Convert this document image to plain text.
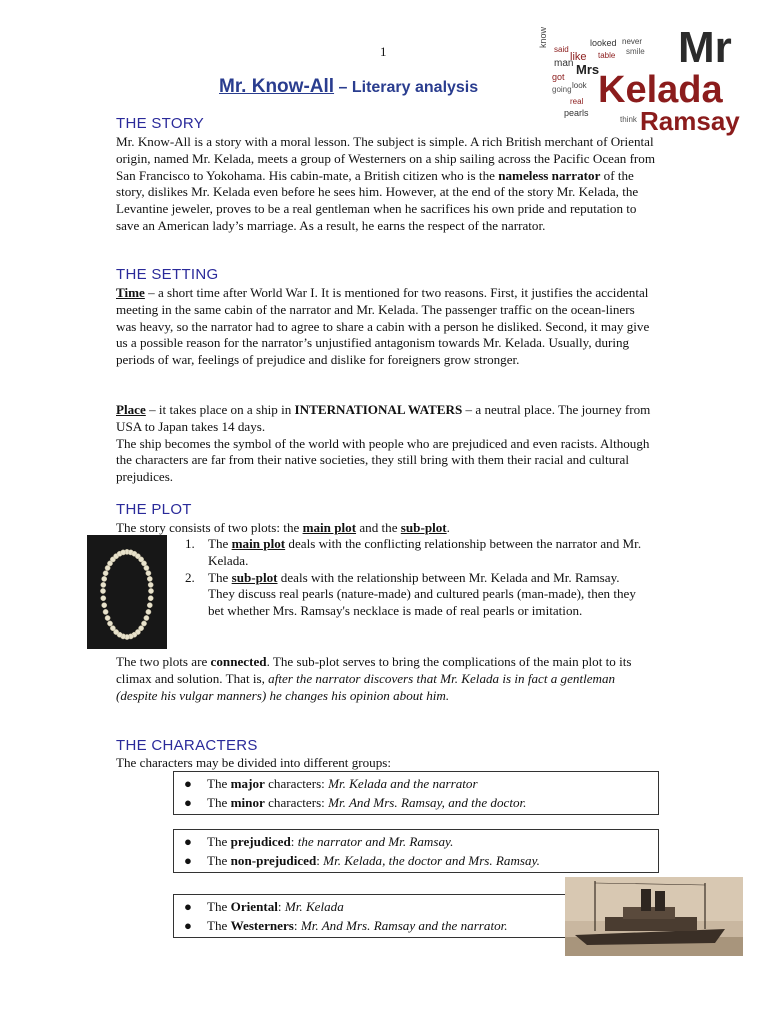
1
know
said
man
got
going
like
Mrs
look
looked
table
never
smile Mr
Kelada
Ramsay
real
pearls
think
Mr. Know-All – Literary analysis
THE STORY

Mr. Know-All is a story with a moral lesson. The subject is simple. A rich British merchant of Oriental origin, named Mr. Kelada, meets a group of Westerners on a ship sailing across the Pacific Ocean from San Francisco to Yokohama. His cabin-mate, a British citizen who is the nameless narrator of the story, dislikes Mr. Kelada even before he sees him. However, at the end of the story Mr. Kelada, the Levantine jeweler, proves to be a real gentleman when he sacrifices his own pride and reputation to save an American lady’s marriage. As a result, he earns the respect of the narrator.

THE SETTING

Time – a short time after World War I. It is mentioned for two reasons. First, it justifies the accidental meeting in the same cabin of the narrator and Mr. Kelada. The passenger traffic on the ocean-liners was heavy, so the narrator had to agree to share a cabin with a person he disliked. Second, it may give us a possible reason for the narrator’s unjustified antagonism towards Mr. Kelada. Usually, during periods of war, feelings of prejudice and dislike for foreigners grow stronger.

Place – it takes place on a ship in INTERNATIONAL WATERS – a neutral place. The journey from USA to Japan takes 14 days.
The ship becomes the symbol of the world with people who are prejudiced and even racists. Although the characters are far from their native societies, they still bring with them their racial and cultural prejudices.

THE PLOT

The story consists of two plots: the main plot and the sub-plot.

1. The main plot deals with the conflicting relationship between the narrator and Mr. Kelada.
2. The sub-plot deals with the relationship between Mr. Kelada and Mr. Ramsay. They discuss real pearls (nature-made) and cultured pearls (man-made), then they bet whether Mrs. Ramsay's necklace is made of real pearls or imitation.

The two plots are connected. The sub-plot serves to bring the complications of the main plot to its climax and solution. That is, after the narrator discovers that Mr. Kelada is in fact a gentleman (despite his vulgar manners) he changes his opinion about him.

THE CHARACTERS

The characters may be divided into different groups:

● The major characters: Mr. Kelada and the narrator
● The minor characters: Mr. And Mrs. Ramsay, and the doctor.
● The prejudiced: the narrator and Mr. Ramsay.
● The non-prejudiced: Mr. Kelada, the doctor and Mrs. Ramsay.
● The Oriental: Mr. Kelada
● The Westerners: Mr. And Mrs. Ramsay and the narrator.
